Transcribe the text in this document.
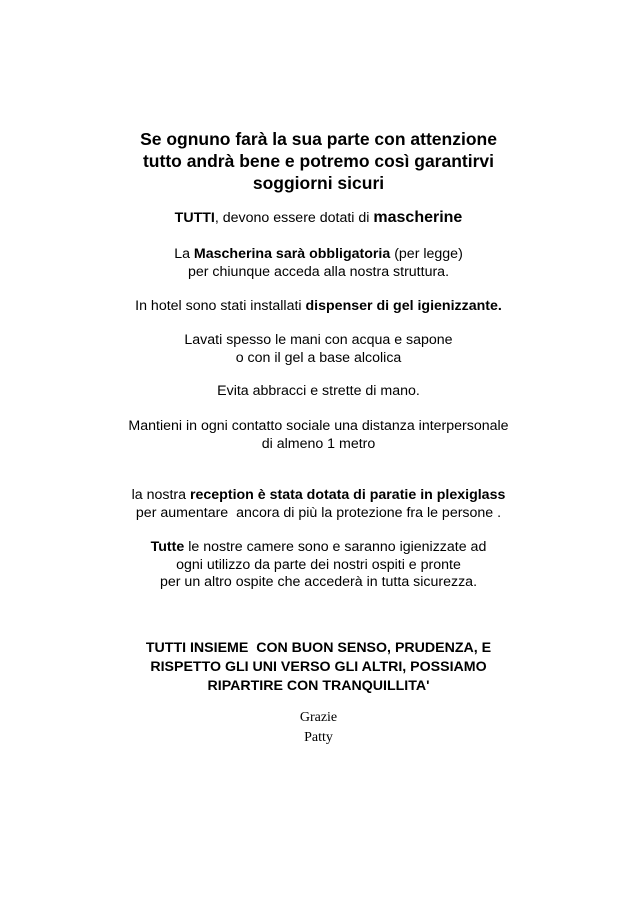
Se ognuno farà la sua parte con attenzione
tutto andrà bene e potremo così garantirvi
soggiorni sicuri
TUTTI, devono essere dotati di mascherine
La Mascherina sarà obbligatoria (per legge)
per chiunque acceda alla nostra struttura.
In hotel sono stati installati dispenser di gel igienizzante.
Lavati spesso le mani con acqua e sapone
o con il gel a base alcolica
Evita abbracci e strette di mano.
Mantieni in ogni contatto sociale una distanza interpersonale
di almeno 1 metro
la nostra reception è stata dotata di paratie in plexiglass
per aumentare  ancora di più la protezione fra le persone .
Tutte le nostre camere sono e saranno igienizzate ad
ogni utilizzo da parte dei nostri ospiti e pronte
per un altro ospite che accederà in tutta sicurezza.
TUTTI INSIEME  CON BUON SENSO, PRUDENZA, E
RISPETTO GLI UNI VERSO GLI ALTRI, POSSIAMO
RIPARTIRE CON TRANQUILLITA'
Grazie
Patty
